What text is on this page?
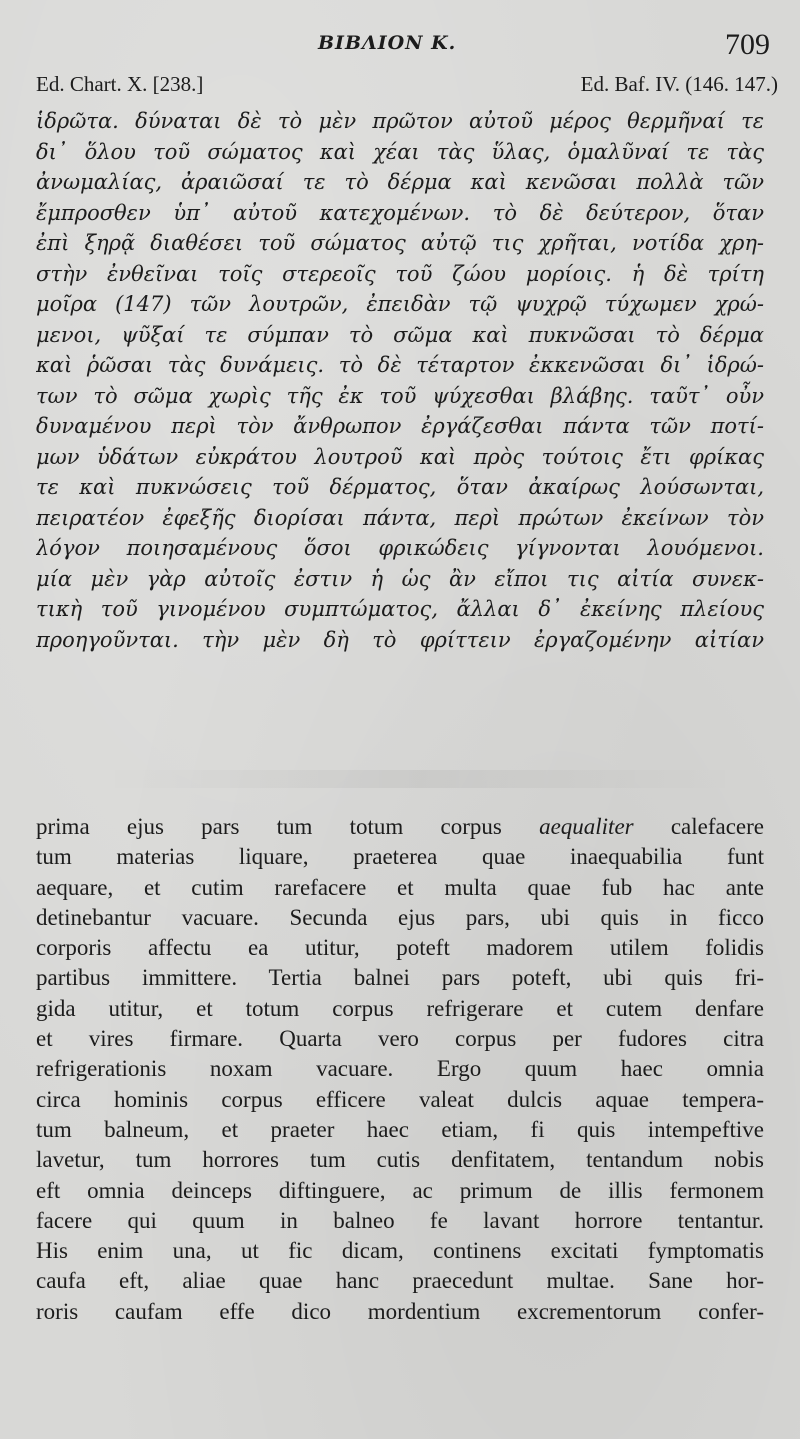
BIBΛΙΟΝ K.	709
Ed. Chart. X. [238.]	Ed. Baf. IV. (146. 147.)
ἱδρῶτα. δύναται δὲ τὸ μὲν πρῶτον αὐτοῦ μέρος θερμῆναί τε
δι᾽ ὅλου τοῦ σώματος καὶ χέαι τὰς ὕλας, ὁμαλῦναί τε τὰς
ἀνωμαλίας, ἀραιῶσαί τε τὸ δέρμα καὶ κενῶσαι πολλὰ τῶν
ἔμπροσθεν ὑπ᾽ αὐτοῦ κατεχομένων. τὸ δὲ δεύτερον, ὅταν
ἐπὶ ξηρᾷ διαθέσει τοῦ σώματος αὐτῷ τις χρῆται, νοτίδα χρη-
στὴν ἐνθεῖναι τοῖς στερεοῖς τοῦ ζώου μορίοις. ἡ δὲ τρίτη
μοῖρα (147) τῶν λουτρῶν, ἐπειδὰν τῷ ψυχρῷ τύχωμεν χρώ-
μενοι, ψῦξαί τε σύμπαν τὸ σῶμα καὶ πυκνῶσαι τὸ δέρμα
καὶ ῥῶσαι τὰς δυνάμεις. τὸ δὲ τέταρτον ἐκκενῶσαι δι᾽ ἱδρώ-
των τὸ σῶμα χωρὶς τῆς ἐκ τοῦ ψύχεσθαι βλάβης. ταῦτ᾽ οὖν
δυναμένου περὶ τὸν ἄνθρωπον ἐργάζεσθαι πάντα τῶν ποτί-
μων ὑδάτων εὐκράτου λουτροῦ καὶ πρὸς τούτοις ἔτι φρίκας
τε καὶ πυκνώσεις τοῦ δέρματος, ὅταν ἀκαίρως λούσωνται,
πειρατέον ἐφεξῆς διορίσαι πάντα, περὶ πρώτων ἐκείνων τὸν
λόγον ποιησαμένους ὅσοι φρικώδεις γίγνονται λουόμενοι.
μία μὲν γὰρ αὐτοῖς ἐστιν ἡ ὡς ἂν εἴποι τις αἰτία συνεκ-
τικὴ τοῦ γινομένου συμπτώματος, ἄλλαι δ᾽ ἐκείνης πλείους
προηγοῦνται. τὴν μὲν δὴ τὸ φρίττειν ἐργαζομένην αἰτίαν
prima ejus pars tum totum corpus aequaliter calefacere
tum materias liquare, praeterea quae inaequabilia funt
aequare, et cutim rarefacere et multa quae fub hac ante
detinebantur vacuare. Secunda ejus pars, ubi quis in ficco
corporis affectu ea utitur, poteft madorem utilem folidis
partibus immittere. Tertia balnei pars poteft, ubi quis fri-
gida utitur, et totum corpus refrigerare et cutem denfare
et vires firmare. Quarta vero corpus per fudores citra
refrigerationis noxam vacuare. Ergo quum haec omnia
circa hominis corpus efficere valeat dulcis aquae tempera-
tum balneum, et praeter haec etiam, fi quis intempeftive
lavetur, tum horrores tum cutis denfitatem, tentandum nobis
eft omnia deinceps diftinguere, ac primum de illis fermonem
facere qui quum in balneo fe lavant horrore tentantur.
His enim una, ut fic dicam, continens excitati fymptomatis
caufa eft, aliae quae hanc praecedunt multae. Sane hor-
roris caufam effe dico mordentium excrementorum confer-
